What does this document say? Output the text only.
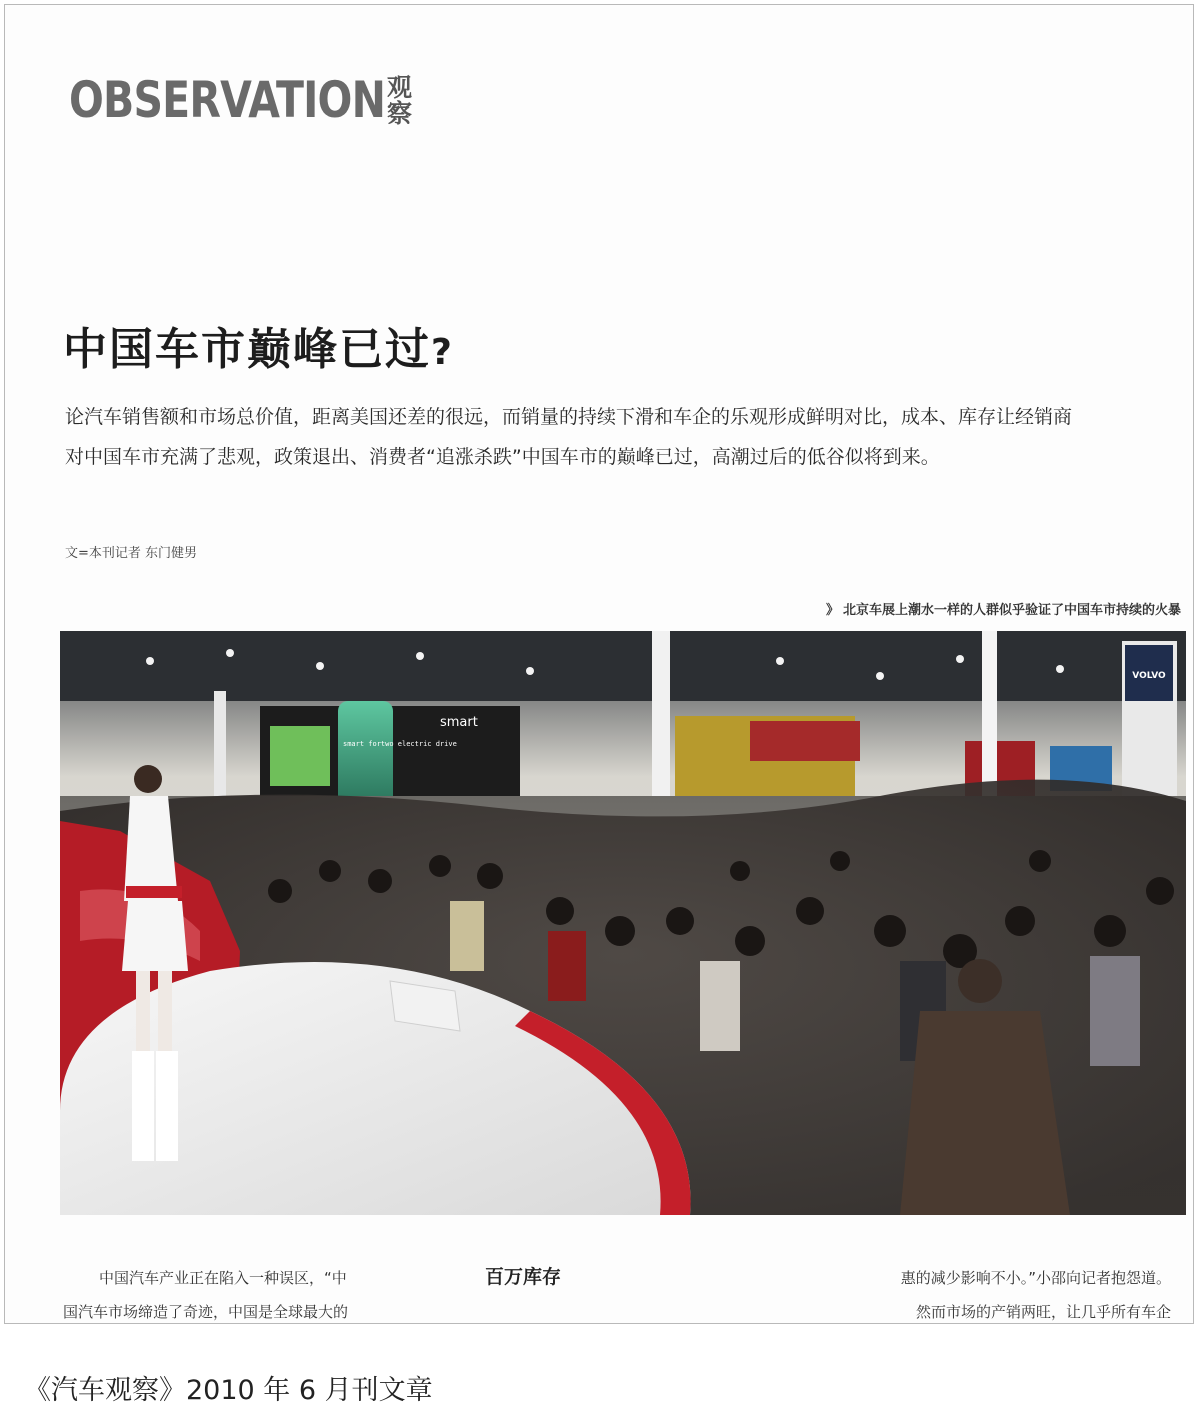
OBSERVATION 观察
中国车市巅峰已过?

论汽车销售额和市场总价值，距离美国还差的很远，而销量的持续下滑和车企的乐观形成鲜明对比，成本、库存让经销商对中国车市充满了悲观，政策退出、消费者“追涨杀跌”中国车市的巅峰已过，高潮过后的低谷似将到来。

文=本刊记者 东门健男
》 北京车展上潮水一样的人群似乎验证了中国车市持续的火暴
smart
smart fortwo electric drive
VOLVO

中国汽车产业正在陷入一种误区，“中
国汽车市场缔造了奇迹，中国是全球最大的

百万库存	惠的减少影响不小。”小邵向记者抱怨道。
然而市场的产销两旺，让几乎所有车企

《汽车观察》2010 年 6 月刊文章
